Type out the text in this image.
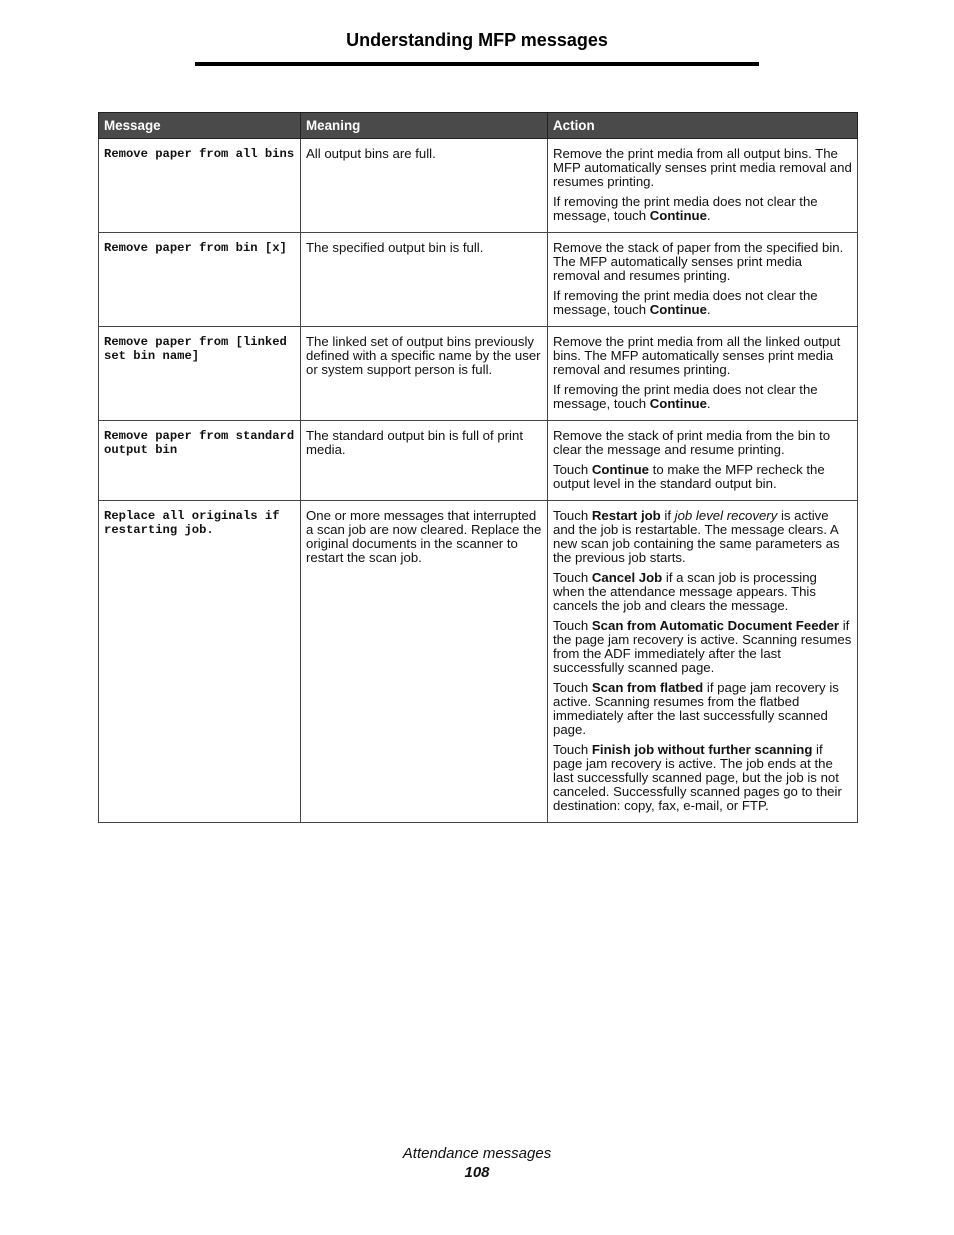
Understanding MFP messages
Message	Meaning	Action
Remove paper from all bins	All output bins are full.	Remove the print media from all output bins. The MFP automatically senses print media removal and resumes printing.

If removing the print media does not clear the message, touch Continue.

Remove paper from bin [x]	The specified output bin is full.	Remove the stack of paper from the specified bin. The MFP automatically senses print media removal and resumes printing.

If removing the print media does not clear the message, touch Continue.

Remove paper from [linked set bin name]	The linked set of output bins previously defined with a specific name by the user or system support person is full.	Remove the print media from all the linked output bins. The MFP automatically senses print media removal and resumes printing.

If removing the print media does not clear the message, touch Continue.

Remove paper from standard output bin	The standard output bin is full of print media.	Remove the stack of print media from the bin to clear the message and resume printing.

Touch Continue to make the MFP recheck the output level in the standard output bin.

Replace all originals if restarting job.	One or more messages that interrupted a scan job are now cleared. Replace the original documents in the scanner to restart the scan job.	Touch Restart job if job level recovery is active and the job is restartable. The message clears. A new scan job containing the same parameters as the previous job starts.

Touch Cancel Job if a scan job is processing when the attendance message appears. This cancels the job and clears the message.

Touch Scan from Automatic Document Feeder if the page jam recovery is active. Scanning resumes from the ADF immediately after the last successfully scanned page.

Touch Scan from flatbed if page jam recovery is active. Scanning resumes from the flatbed immediately after the last successfully scanned page.

Touch Finish job without further scanning if page jam recovery is active. The job ends at the last successfully scanned page, but the job is not canceled. Successfully scanned pages go to their destination: copy, fax, e-mail, or FTP.

Attendance messages
108
